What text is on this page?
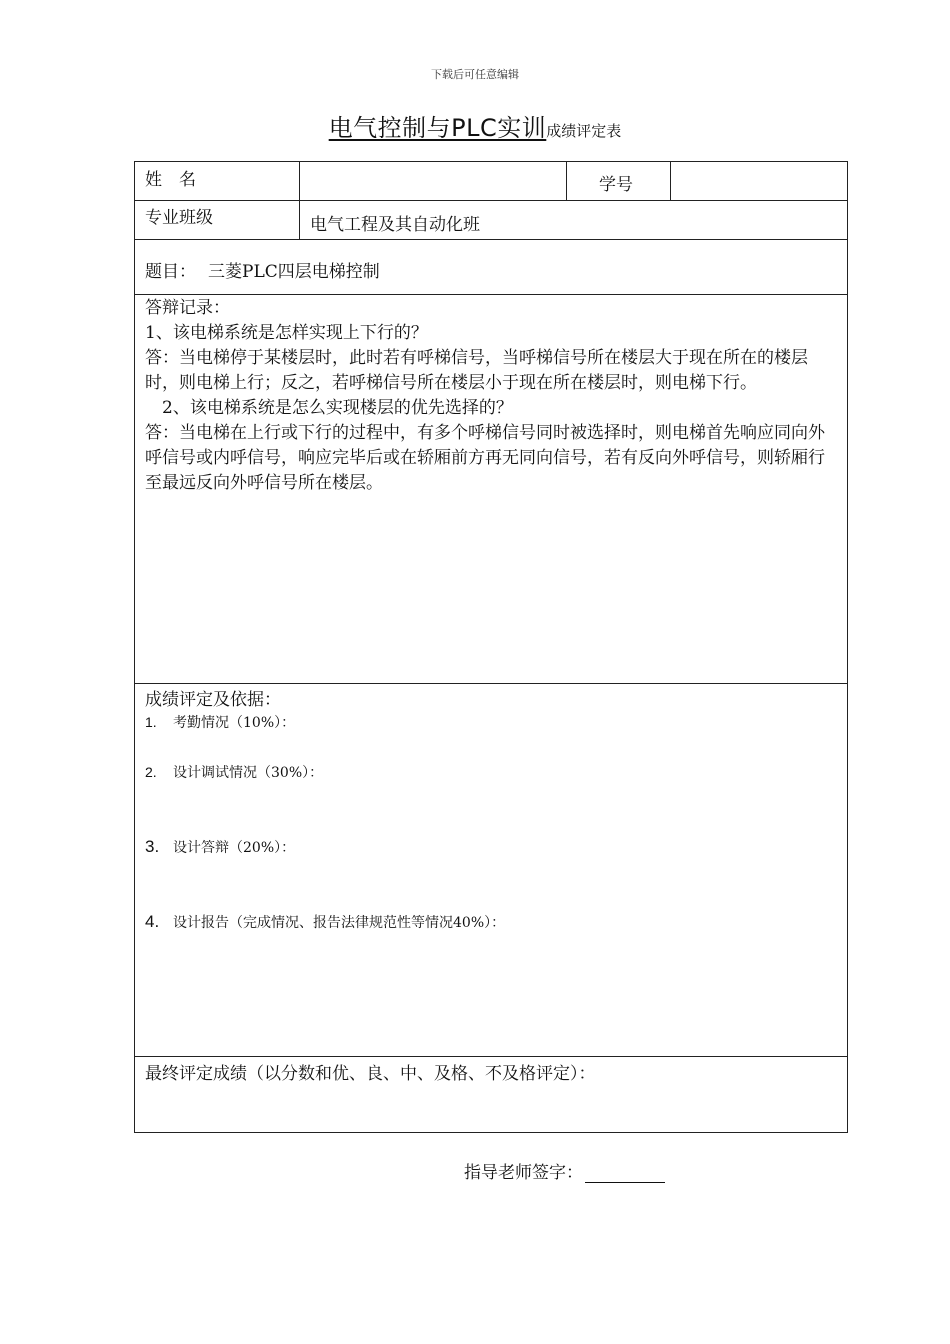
下载后可任意编辑
电气控制与PLC实训成绩评定表
姓　名	学号
专业班级	电气工程及其自动化班
题目： 三菱PLC四层电梯控制

答辩记录：

1、该电梯系统是怎样实现上下行的？

答：当电梯停于某楼层时，此时若有呼梯信号，当呼梯信号所在楼层大于现在所在的楼层时，则电梯上行；反之，若呼梯信号所在楼层小于现在所在楼层时，则电梯下行。

　2、该电梯系统是怎么实现楼层的优先选择的？

答：当电梯在上行或下行的过程中，有多个呼梯信号同时被选择时，则电梯首先响应同向外呼信号或内呼信号，响应完毕后或在轿厢前方再无同向信号，若有反向外呼信号，则轿厢行至最远反向外呼信号所在楼层。

成绩评定及依据：
1. 考勤情况（10%）：
2. 设计调试情况（30%）：
3. 设计答辩（20%）：
4. 设计报告（完成情况、报告法律规范性等情况40%）：
最终评定成绩（以分数和优、良、中、及格、不及格评定）：
指导老师签字：
